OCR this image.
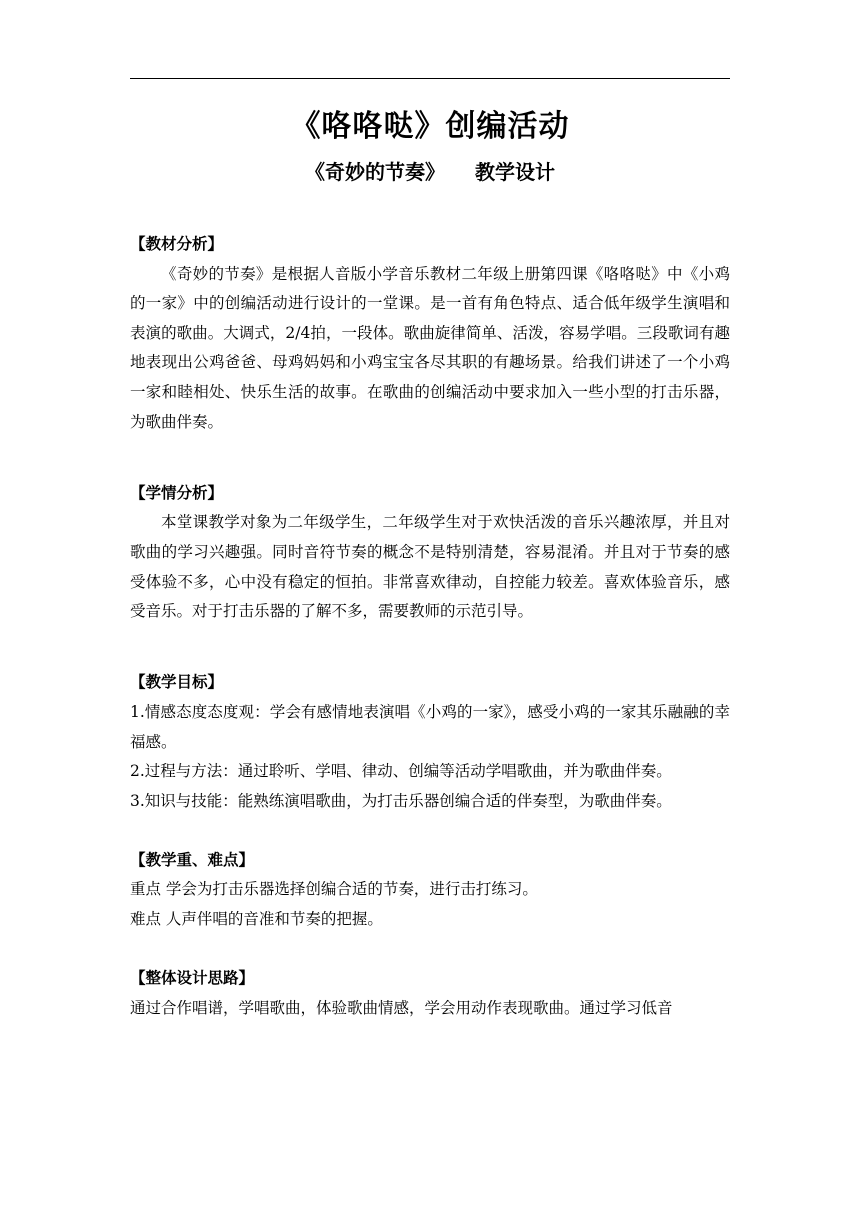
《咯咯哒》创编活动
《奇妙的节奏》 教学设计

【教材分析】

《奇妙的节奏》是根据人音版小学音乐教材二年级上册第四课《咯咯哒》中《小鸡的一家》中的创编活动进行设计的一堂课。是一首有角色特点、适合低年级学生演唱和表演的歌曲。大调式，2/4拍，一段体。歌曲旋律简单、活泼，容易学唱。三段歌词有趣地表现出公鸡爸爸、母鸡妈妈和小鸡宝宝各尽其职的有趣场景。给我们讲述了一个小鸡一家和睦相处、快乐生活的故事。在歌曲的创编活动中要求加入一些小型的打击乐器，为歌曲伴奏。

【学情分析】

本堂课教学对象为二年级学生，二年级学生对于欢快活泼的音乐兴趣浓厚，并且对歌曲的学习兴趣强。同时音符节奏的概念不是特别清楚，容易混淆。并且对于节奏的感受体验不多，心中没有稳定的恒拍。非常喜欢律动，自控能力较差。喜欢体验音乐，感受音乐。对于打击乐器的了解不多，需要教师的示范引导。

【教学目标】

1.情感态度态度观：学会有感情地表演唱《小鸡的一家》，感受小鸡的一家其乐融融的幸福感。

2.过程与方法：通过聆听、学唱、律动、创编等活动学唱歌曲，并为歌曲伴奏。

3.知识与技能：能熟练演唱歌曲，为打击乐器创编合适的伴奏型，为歌曲伴奏。

【教学重、难点】

重点 学会为打击乐器选择创编合适的节奏，进行击打练习。

难点 人声伴唱的音准和节奏的把握。

【整体设计思路】

通过合作唱谱，学唱歌曲，体验歌曲情感，学会用动作表现歌曲。通过学习低音
